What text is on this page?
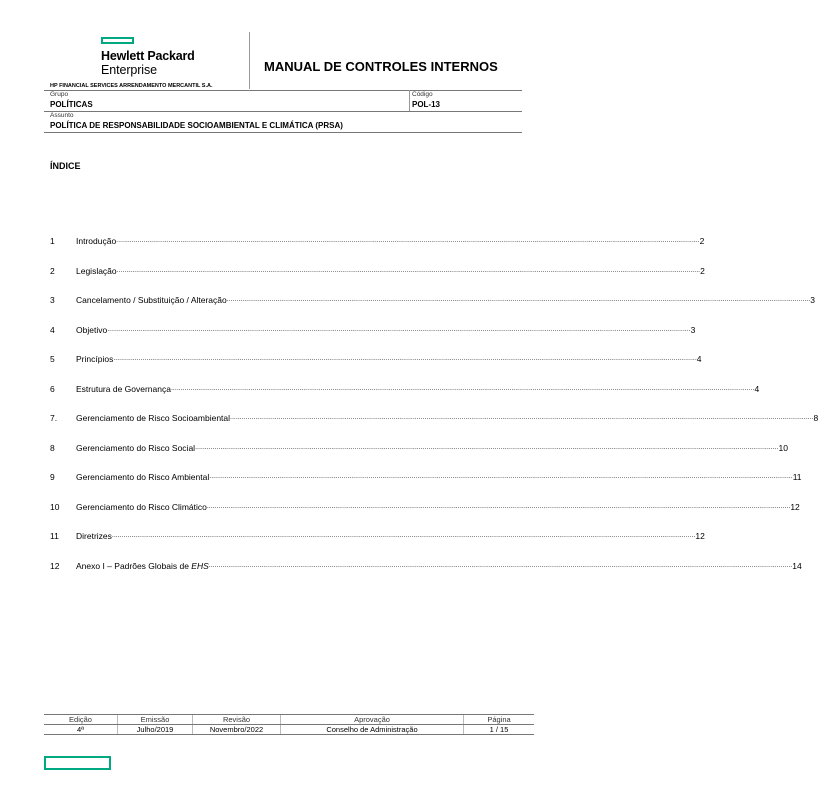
Hewlett Packard
Enterprise	MANUAL DE CONTROLES INTERNOS
HP FINANCIAL SERVICES ARRENDAMENTO MERCANTIL S.A.
Grupo	Código
POLÍTICAS	POL-13
Assunto
POLÍTICA DE RESPONSABILIDADE SOCIOAMBIENTAL E CLIMÁTICA (PRSA)
ÍNDICE
1	Introdução ............................................................................................................................................................................................................................................................................................................ 2
2	Legislação ............................................................................................................................................................................................................................................................................................................ 2
3	Cancelamento / Substituição / Alteração ............................................................................................................................................................................................................................................................................................................ 3
4	Objetivo ............................................................................................................................................................................................................................................................................................................ 3
5	Princípios ............................................................................................................................................................................................................................................................................................................ 4
6	Estrutura de Governança ............................................................................................................................................................................................................................................................................................................ 4
7. Gerenciamento de Risco Socioambiental ............................................................................................................................................................................................................................................................................................................ 8
8	Gerenciamento do Risco Social ............................................................................................................................................................................................................................................................................................................ 10
9	Gerenciamento do Risco Ambiental ............................................................................................................................................................................................................................................................................................................ 11
10 Gerenciamento do Risco Climático ............................................................................................................................................................................................................................................................................................................ 12
11 Diretrizes ............................................................................................................................................................................................................................................................................................................ 12
12 Anexo I – Padrões Globais de EHS ............................................................................................................................................................................................................................................................................................................ 14
Edição	Emissão	Revisão	Aprovação	Página
4ª	Julho/2019	Novembro/2022	Conselho de Administração	1 / 15
